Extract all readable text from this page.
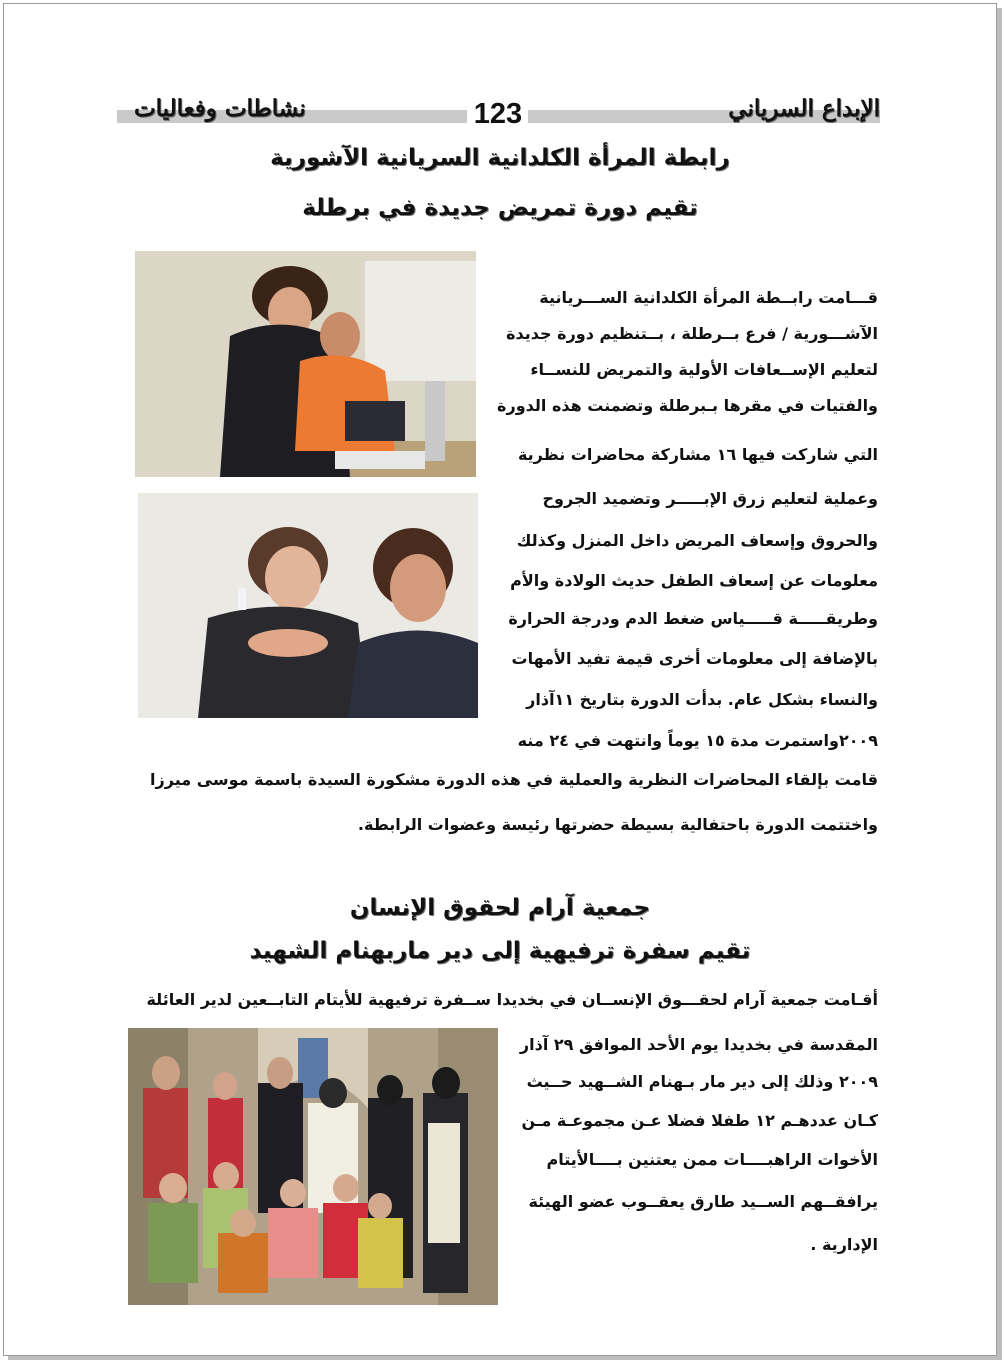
نشاطات وفعاليات	123	الإبداع السرياني
رابطة المرأة الكلدانية السريانية الآشورية
تقيم دورة تمريض جديدة في برطلة
قـــامت رابــطة المرأة الكلدانية الســـريانية
الآشـــورية / فرع بــرطلة ، بــتنظيم دورة جديدة
لتعليم الإســعافات الأولية والتمريض للنســاء
والفتيات في مقرها بـبرطلة وتضمنت هذه الدورة
التي شاركت فيها ١٦ مشاركة محاضرات نظرية
وعملية لتعليم زرق الإبـــــر وتضميد الجروح
والحروق وإسعاف المريض داخل المنزل وكذلك
معلومات عن إسعاف الطفل حديث الولادة والأم
وطريقـــــة قـــــياس ضغط الدم ودرجة الحرارة
بالإضافة إلى معلومات أخرى قيمة تفيد الأمهات
والنساء بشكل عام. بدأت الدورة بتاريخ ١١آذار
٢٠٠٩واستمرت مدة ١٥ يوماً وانتهت في ٢٤ منه
قامت بإلقاء المحاضرات النظرية والعملية في هذه الدورة مشكورة السيدة باسمة موسى ميرزا
واختتمت الدورة باحتفالية بسيطة حضرتها رئيسة وعضوات الرابطة.
جمعية آرام لحقوق الإنسان
تقيم سفرة ترفيهية إلى دير ماربهنام الشهيد
أقـامت جمعية آرام لحقـــوق الإنســان في بخديدا ســفرة ترفيهية للأيتام التابــعين لدير العائلة
المقدسة في بخديدا يوم الأحد الموافق ٢٩ آذار
٢٠٠٩ وذلك إلى دير مار بـهنام الشــهيد حــيث
كـان عددهـم ١٢ طفلا فضلا عـن مجموعـة مـن
الأخوات الراهبــــات ممن يعتنين بــــالأيتام
يرافقــهم الســيد طارق يعقــوب عضو الهيئة
الإدارية .
